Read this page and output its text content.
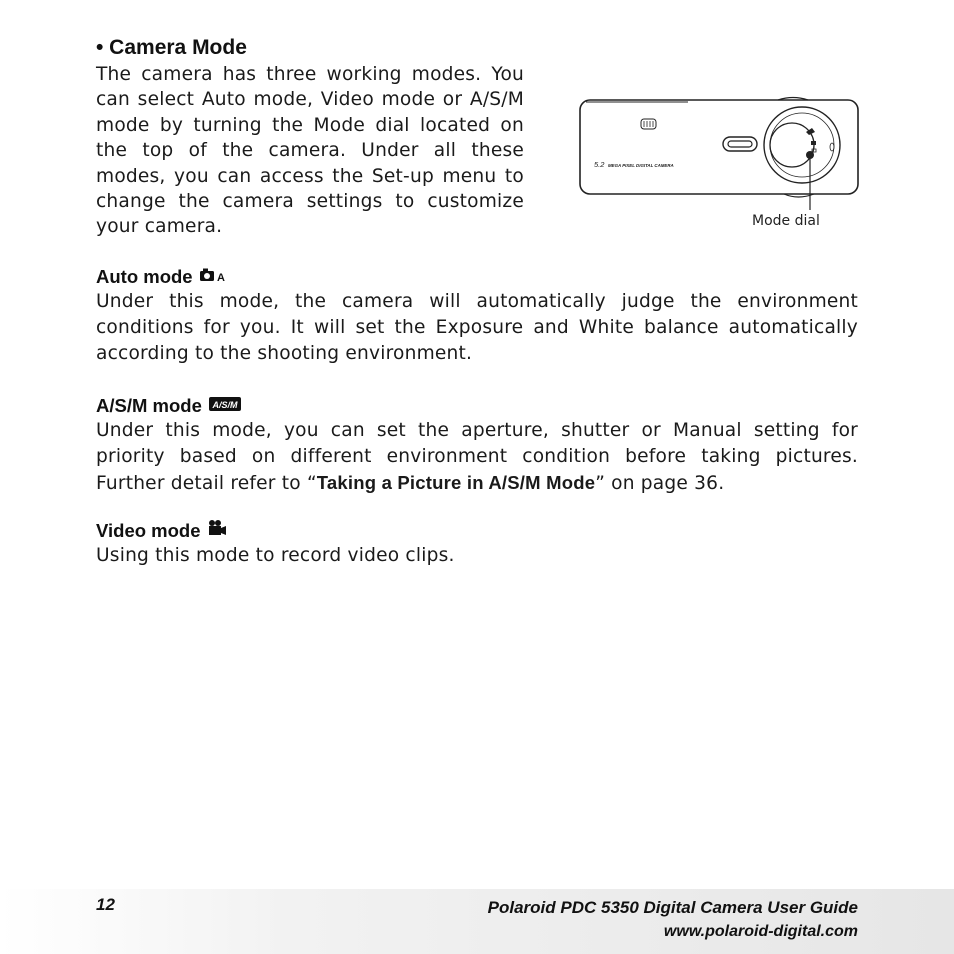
• Camera Mode
The camera has three working modes. You can select Auto mode, Video mode or A/S/M mode by turning the Mode dial located on the top of the camera. Under all these modes, you can access the Set-up menu to change the camera settings to customize your camera.
5.2 MEGA PIXEL DIGITAL CAMERA
Mode dial
Auto mode A
Under this mode, the camera will automatically judge the environment conditions for you. It will set the Exposure and White balance automatically according to the shooting environment.
A/S/M mode A/S/M
Under this mode, you can set the aperture, shutter or Manual setting for priority based on different environment condition before taking pictures. Further detail refer to “Taking a Picture in A/S/M Mode” on page 36.
Video mode
Using this mode to record video clips.
12	Polaroid PDC 5350 Digital Camera User Guide
www.polaroid-digital.com
